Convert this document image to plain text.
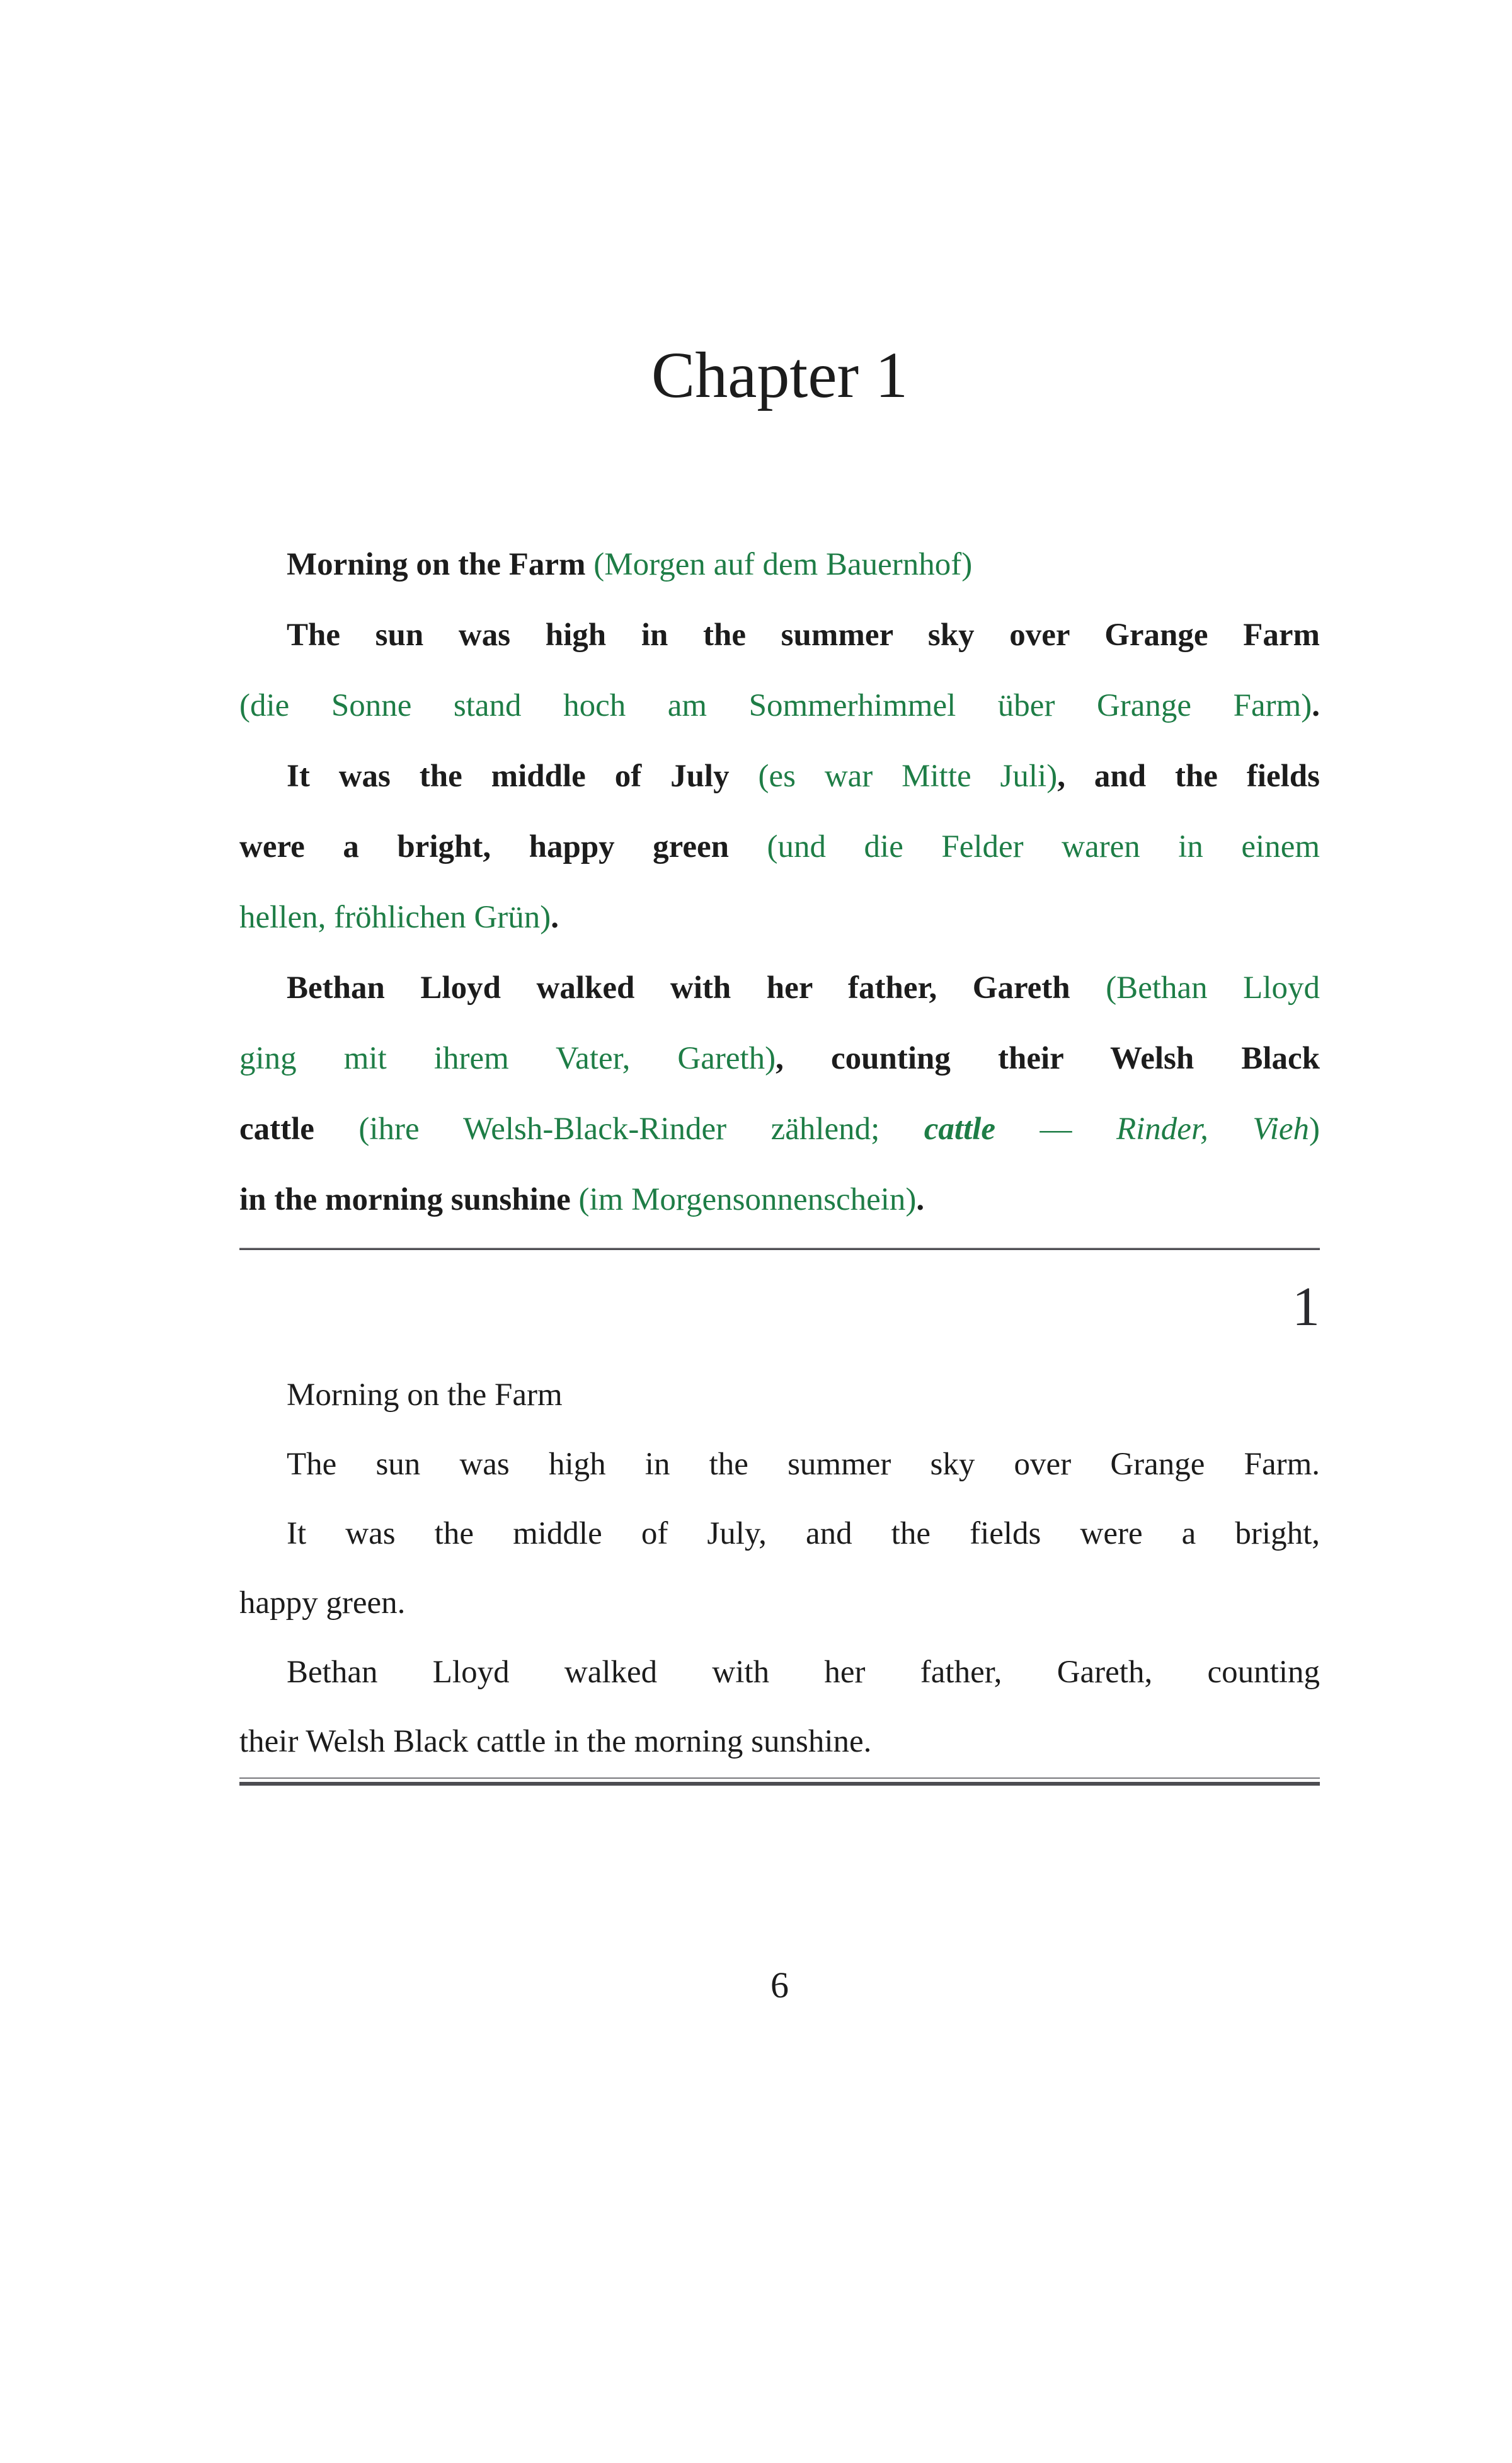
Chapter 1
Morning on the Farm (Morgen auf dem Bauernhof)
The sun was high in the summer sky over Grange Farm
(die Sonne stand hoch am Sommerhimmel über Grange Farm).
It was the middle of July (es war Mitte Juli), and the fields
were a bright, happy green (und die Felder waren in einem
hellen, fröhlichen Grün).
Bethan Lloyd walked with her father, Gareth (Bethan Lloyd
ging mit ihrem Vater, Gareth), counting their Welsh Black
cattle (ihre Welsh-Black-Rinder zählend; cattle — Rinder, Vieh)
in the morning sunshine (im Morgensonnenschein).
1
Morning on the Farm
The sun was high in the summer sky over Grange Farm.
It was the middle of July, and the fields were a bright,
happy green.
Bethan Lloyd walked with her father, Gareth, counting
their Welsh Black cattle in the morning sunshine.
6
